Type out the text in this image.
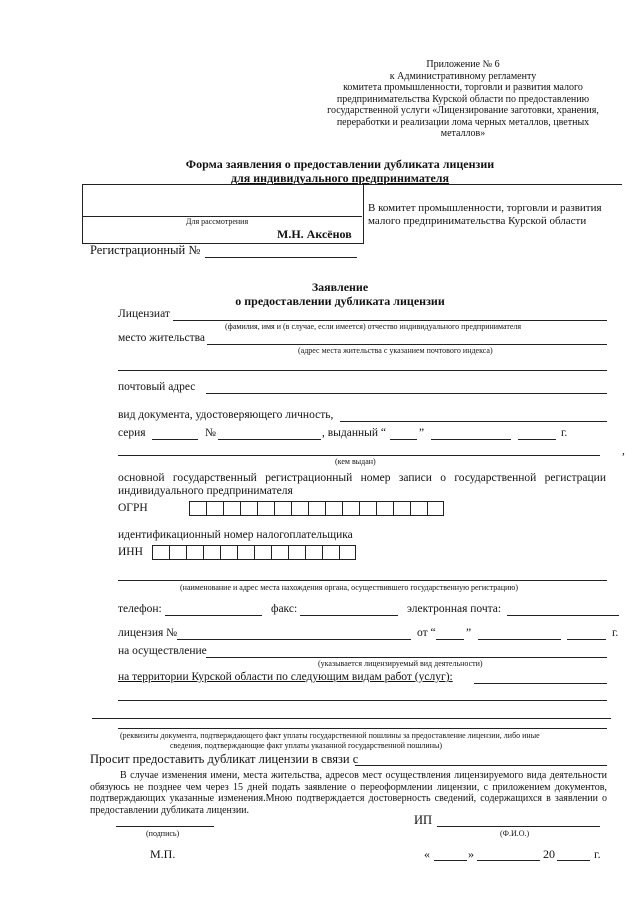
Приложение № 6
к Административному регламенту
комитета промышленности, торговли и развития малого
предпринимательства Курской области по предоставлению
государственной услуги «Лицензирование заготовки, хранения,
переработки и реализации лома черных металлов, цветных
металлов»
Форма заявления о предоставлении дубликата лицензии
для индивидуального предпринимателя
Для рассмотрения
М.Н. Аксёнов
В комитет промышленности, торговли и развития
малого предпринимательства Курской области
Регистрационный №
Заявление
о предоставлении дубликата лицензии
Лицензиат
(фамилия, имя и (в случае, если имеется) отчество индивидуального предпринимателя
место жительства
(адрес места жительства с указанием почтового индекса)
почтовый адрес
вид документа, удостоверяющего личность,
серия	№	, выданный “	”	г.
,
(кем выдан)
основной государственный регистрационный номер записи о государственной регистрации
индивидуального предпринимателя
ОГРН
идентификационный номер налогоплательщика
ИНН
(наименование и адрес места нахождения органа, осуществившего государственную регистрацию)
телефон:	факс:	электронная почта:
лицензия №	от “	”	г.
на осуществление
(указывается лицензируемый вид деятельности)
на территории Курской области по следующим видам работ (услуг):
(реквизиты документа, подтверждающего факт уплаты государственной пошлины за предоставление лицензии, либо иные
сведения, подтверждающие факт уплаты указанной государственной пошлины)
Просит предоставить дубликат лицензии в связи с
В случае изменения имени, места жительства, адресов мест осуществления лицензируемого вида деятельности обязуюсь не позднее чем через 15 дней подать заявление о переоформлении лицензии, с приложением документов, подтверждающих указанные изменения.Мною подтверждается достоверность сведений, содержащихся в заявлении о предоставлении дубликата лицензии.
(подпись)
ИП
(Ф.И.О.)
М.П.	«	»	20	г.
